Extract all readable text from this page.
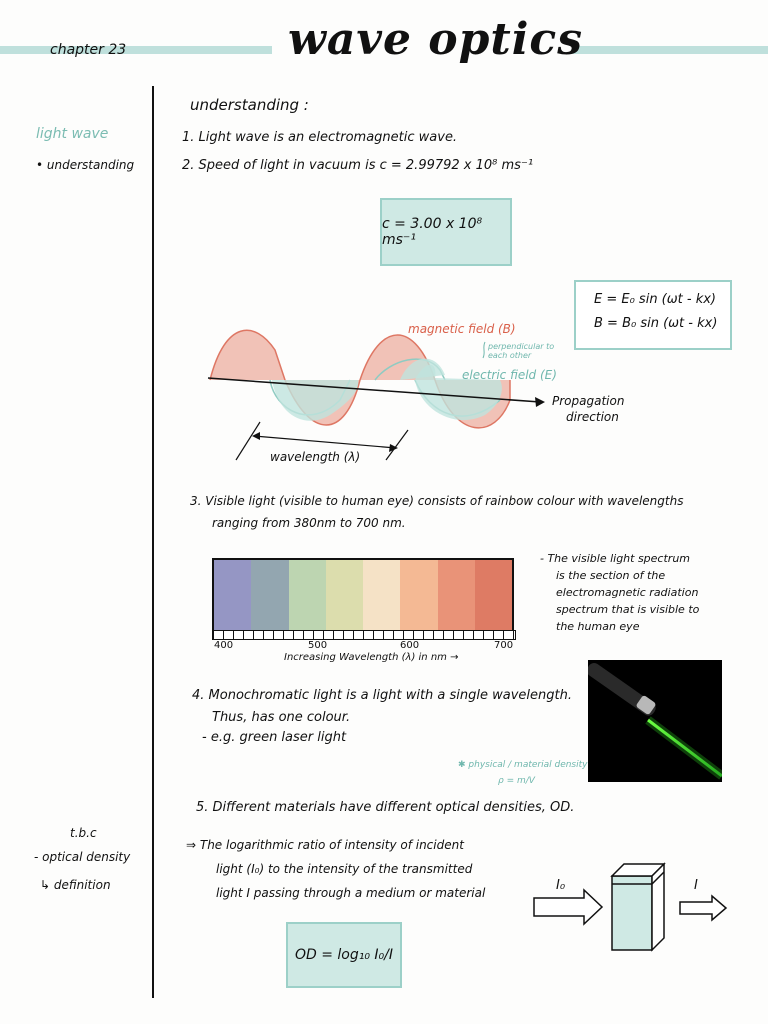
chapter 23	wave optics
light wave
• understanding
t.b.c
- optical density
↳ definition
understanding :
1. Light wave is an electromagnetic wave.
2. Speed of light in vacuum is c = 2.99792 x 10⁸ ms⁻¹
c = 3.00 x 10⁸ ms⁻¹
E = E₀ sin (ωt - kx)
B = B₀ sin (ωt - kx)
magnetic field (B)
perpendicular to each other
electric field (E)
Propagation
direction
wavelength (λ)
3. Visible light (visible to human eye) consists of rainbow colour with wavelengths
ranging from 380nm to 700 nm.
400	500	600	700
Increasing Wavelength (λ) in nm →
- The visible light spectrum
is the section of the
electromagnetic radiation
spectrum that is visible to
the human eye
4. Monochromatic light is a light with a single wavelength.
Thus, has one colour.
- e.g. green laser light
✱ physical / material density
ρ = m/V
5. Different materials have different optical densities, OD.
⇒ The logarithmic ratio of intensity of incident
light (I₀) to the intensity of the transmitted
light I passing through a medium or material
OD = log₁₀ I₀/I
I₀	I
